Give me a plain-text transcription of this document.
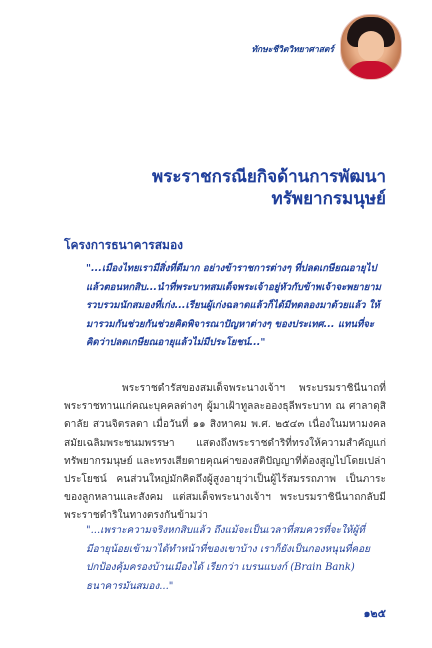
ทักษะชีวิตวิทยาศาสตร์
พระราชกรณียกิจด้านการพัฒนา
ทรัพยากรมนุษย์
โครงการธนาคารสมอง
"...เมืองไทยเรามีสิ่งที่ดีมาก อย่างข้าราชการต่างๆ ที่ปลดเกษียณอายุไปแล้วตอนหกสิบ...นำที่พระบาทสมเด็จพระเจ้าอยู่หัวกับข้าพเจ้าจะพยายามรวบรวมนักสมองที่เก่ง...เรียนผู้เก่งฉลาดแล้วก็ได้มีทดลองมาด้วยแล้ว ให้มารวมกันช่วยกันช่วยคิดพิจารณาปัญหาต่างๆ ของประเทศ... แทนที่จะคิดว่าปลดเกษียณอายุแล้วไม่มีประโยชน์..."
พระราชดำรัสของสมเด็จพระนางเจ้าฯ พระบรมราชินีนาถที่พระราชทานแก่คณะบุคคลต่างๆ ผู้มาเฝ้าทูลละอองธุลีพระบาท ณ ศาลาดุสิดาลัย สวนจิตรลดา เมื่อวันที่ ๑๑ สิงหาคม พ.ศ. ๒๕๔๓ เนื่องในมหามงคลสมัยเฉลิมพระชนมพรรษา แสดงถึงพระราชดำริที่ทรงให้ความสำคัญแก่ทรัพยากรมนุษย์ และทรงเสียดายคุณค่าของสติปัญญาที่ต้องสูญไปโดยเปล่าประโยชน์ คนส่วนใหญ่มักคิดถึงผู้สูงอายุว่าเป็นผู้ไร้สมรรถภาพ เป็นภาระของลูกหลานและสังคม แต่สมเด็จพระนางเจ้าฯ พระบรมราชินีนาถกลับมีพระราชดำริในทางตรงกันข้ามว่า
"...เพราะความจริงหกสิบแล้ว ถึงแม้จะเป็นเวลาที่สมควรที่จะให้ผู้ที่มีอายุน้อยเข้ามาได้ทำหน้าที่ของเขาบ้าง เราก็ยังเป็นกองหนุนที่คอยปกป้องคุ้มครองบ้านเมืองได้ เรียกว่า เบรนแบงก์ (Brain Bank) ธนาคารมันสมอง..."
๑๒๕
